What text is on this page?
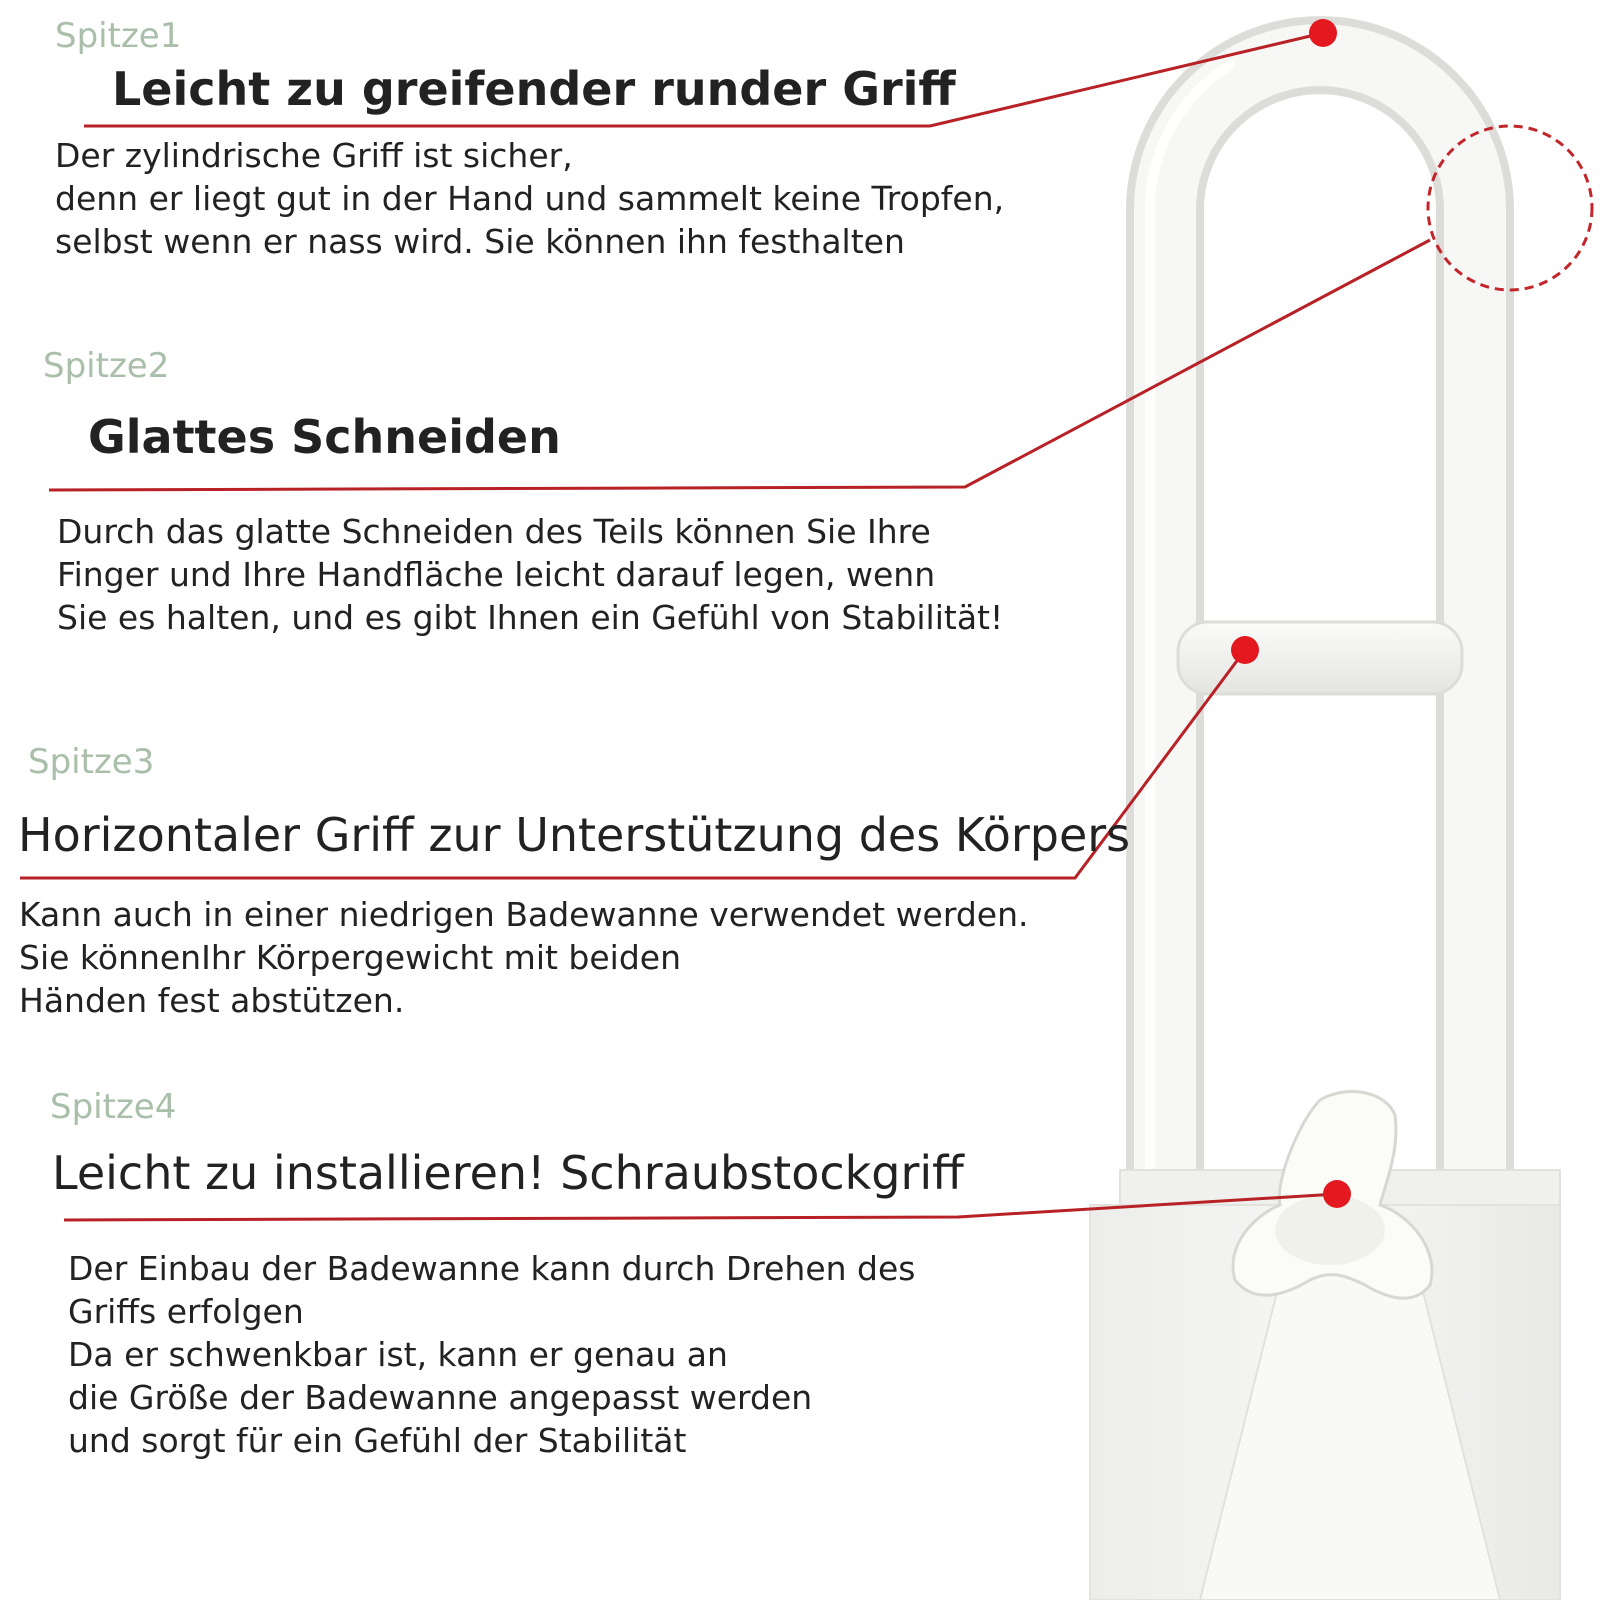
Spitze1
Leicht zu greifender runder Griff
Der zylindrische Griff ist sicher,
denn er liegt gut in der Hand und sammelt keine Tropfen,
selbst wenn er nass wird. Sie können ihn festhalten
Spitze2
Glattes Schneiden
Durch das glatte Schneiden des Teils können Sie Ihre
Finger und Ihre Handfläche leicht darauf legen, wenn
Sie es halten, und es gibt Ihnen ein Gefühl von Stabilität!
Spitze3
Horizontaler Griff zur Unterstützung des Körpers
Kann auch in einer niedrigen Badewanne verwendet werden.
Sie könnenIhr Körpergewicht mit beiden
Händen fest abstützen.
Spitze4
Leicht zu installieren! Schraubstockgriff
Der Einbau der Badewanne kann durch Drehen des
Griffs erfolgen
Da er schwenkbar ist, kann er genau an
die Größe der Badewanne angepasst werden
und sorgt für ein Gefühl der Stabilität
